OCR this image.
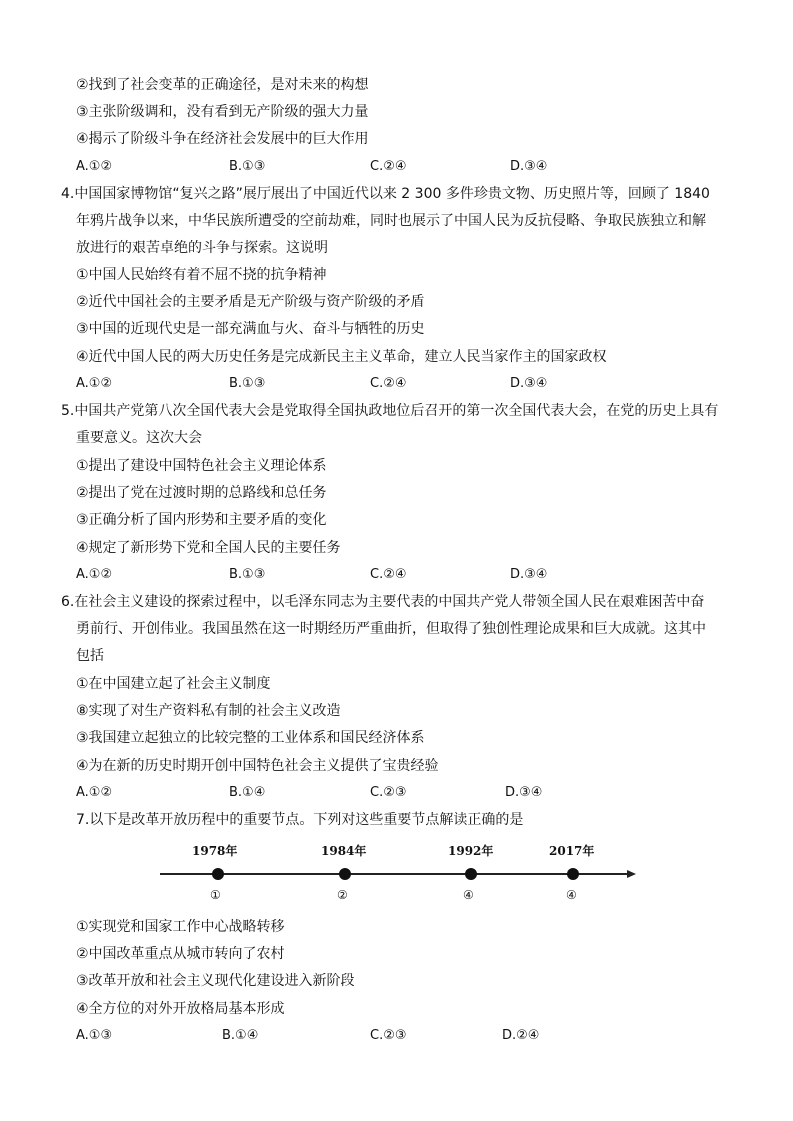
②找到了社会变革的正确途径，是对未来的构想
③主张阶级调和，没有看到无产阶级的强大力量
④揭示了阶级斗争在经济社会发展中的巨大作用
A.①②	B.①③	C.②④	D.③④
4.中国国家博物馆“复兴之路”展厅展出了中国近代以来 2 300 多件珍贵文物、历史照片等，回顾了 1840
年鸦片战争以来，中华民族所遭受的空前劫难，同时也展示了中国人民为反抗侵略、争取民族独立和解
放进行的艰苦卓绝的斗争与探索。这说明
①中国人民始终有着不屈不挠的抗争精神
②近代中国社会的主要矛盾是无产阶级与资产阶级的矛盾
③中国的近现代史是一部充满血与火、奋斗与牺牲的历史
④近代中国人民的两大历史任务是完成新民主主义革命，建立人民当家作主的国家政权
A.①②	B.①③	C.②④	D.③④
5.中国共产党第八次全国代表大会是党取得全国执政地位后召开的第一次全国代表大会，在党的历史上具有
重要意义。这次大会
①提出了建设中国特色社会主义理论体系
②提出了党在过渡时期的总路线和总任务
③正确分析了国内形势和主要矛盾的变化
④规定了新形势下党和全国人民的主要任务
A.①②	B.①③	C.②④	D.③④
6.在社会主义建设的探索过程中，以毛泽东同志为主要代表的中国共产党人带领全国人民在艰难困苦中奋
勇前行、开创伟业。我国虽然在这一时期经历严重曲折，但取得了独创性理论成果和巨大成就。这其中
包括
①在中国建立起了社会主义制度
⑧实现了对生产资料私有制的社会主义改造
③我国建立起独立的比较完整的工业体系和国民经济体系
④为在新的历史时期开创中国特色社会主义提供了宝贵经验
A.①②	B.①④	C.②③	D.③④
7.以下是改革开放历程中的重要节点。下列对这些重要节点解读正确的是
1978年	1984年	1992年	2017年
①	②	④	④
①实现党和国家工作中心战略转移
②中国改革重点从城市转向了农村
③改革开放和社会主义现代化建设进入新阶段
④全方位的对外开放格局基本形成
A.①③	B.①④	C.②③	D.②④
